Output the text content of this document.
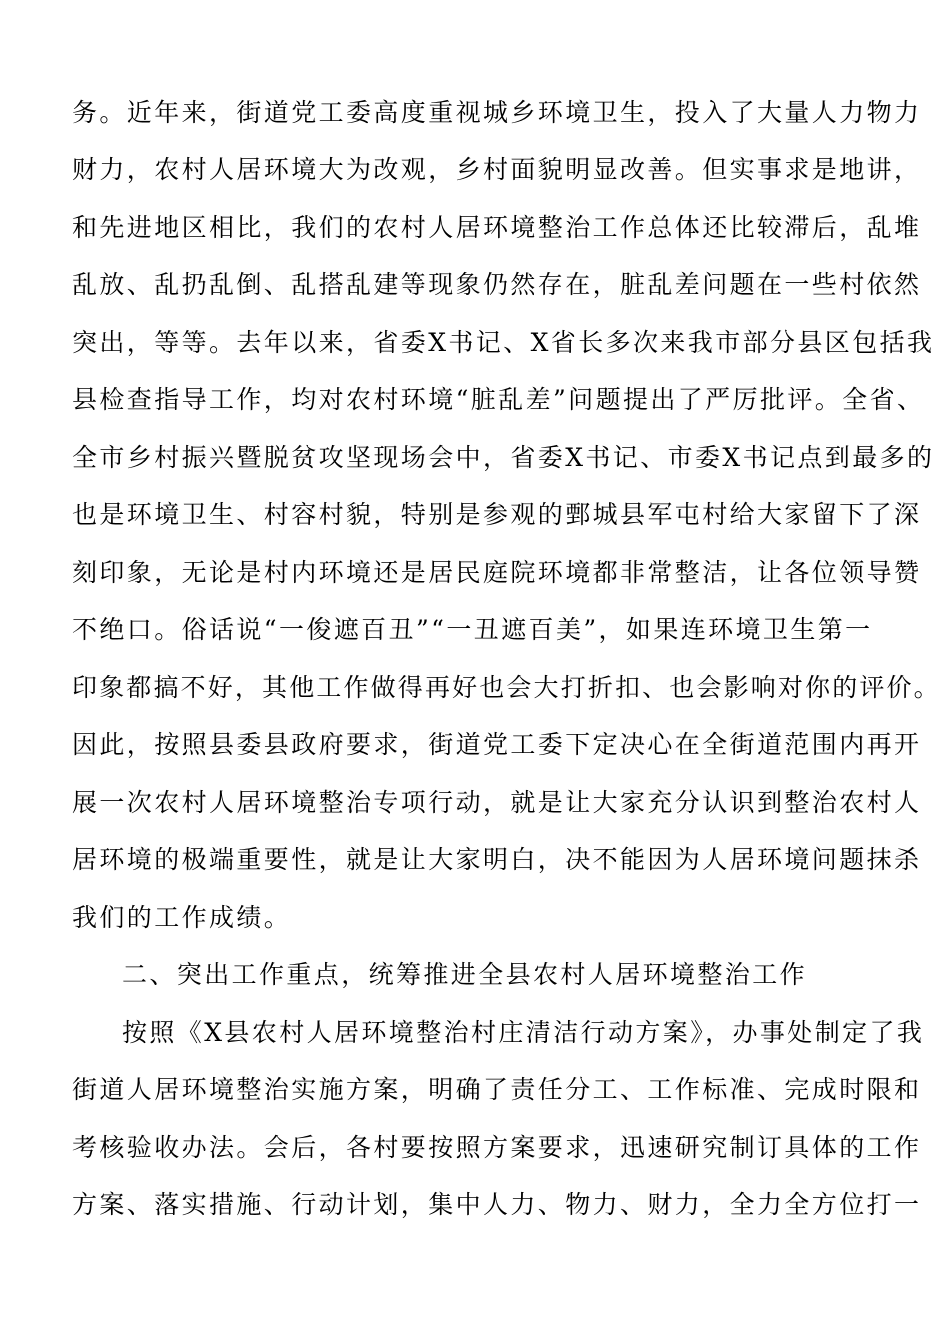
务。近年来，街道党工委高度重视城乡环境卫生，投入了大量人力物力
财力，农村人居环境大为改观，乡村面貌明显改善。但实事求是地讲，
和先进地区相比，我们的农村人居环境整治工作总体还比较滞后，乱堆
乱放、乱扔乱倒、乱搭乱建等现象仍然存在，脏乱差问题在一些村依然
突出，等等。去年以来，省委X书记、X省长多次来我市部分县区包括我
县检查指导工作，均对农村环境“脏乱差”问题提出了严厉批评。全省、
全市乡村振兴暨脱贫攻坚现场会中，省委X书记、市委X书记点到最多的
也是环境卫生、村容村貌，特别是参观的鄄城县军屯村给大家留下了深
刻印象，无论是村内环境还是居民庭院环境都非常整洁，让各位领导赞
不绝口。俗话说“一俊遮百丑”“一丑遮百美”，如果连环境卫生第一
印象都搞不好，其他工作做得再好也会大打折扣、也会影响对你的评价。
因此，按照县委县政府要求，街道党工委下定决心在全街道范围内再开
展一次农村人居环境整治专项行动，就是让大家充分认识到整治农村人
居环境的极端重要性，就是让大家明白，决不能因为人居环境问题抹杀
我们的工作成绩。
二、突出工作重点，统筹推进全县农村人居环境整治工作
按照《X县农村人居环境整治村庄清洁行动方案》，办事处制定了我
街道人居环境整治实施方案，明确了责任分工、工作标准、完成时限和
考核验收办法。会后，各村要按照方案要求，迅速研究制订具体的工作
方案、落实措施、行动计划，集中人力、物力、财力，全力全方位打一
